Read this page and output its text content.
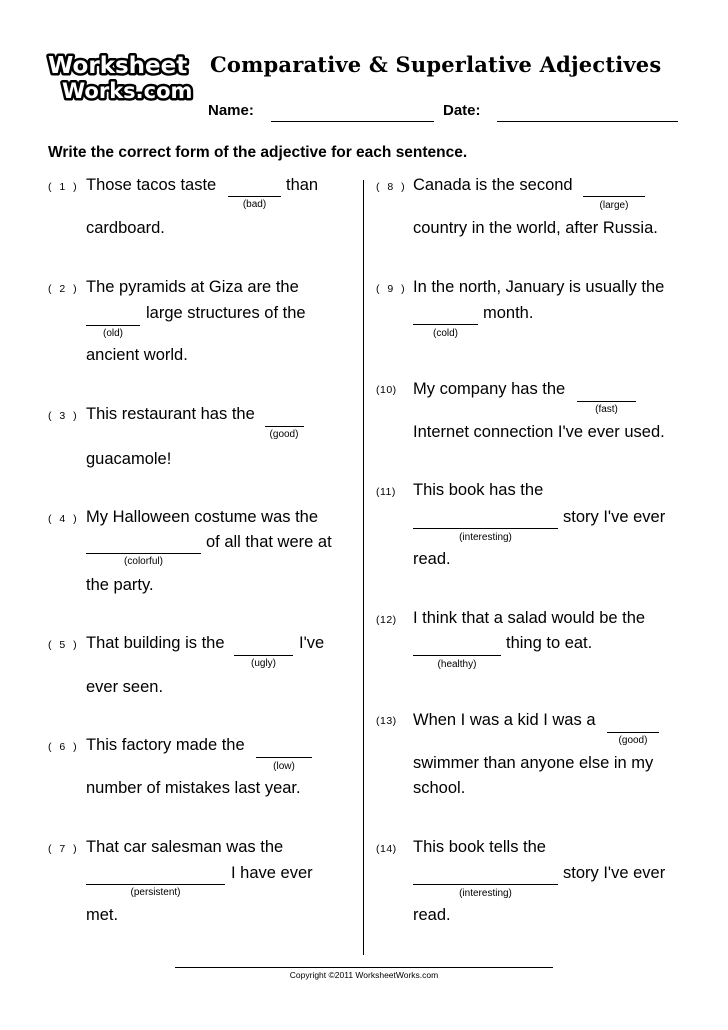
Worksheet
Works.com
Comparative & Superlative Adjectives
Name:	Date:
Write the correct form of the adjective for each sentence.
( 1 ) Those tacos taste	than
(bad)
cardboard.
( 2 ) The pyramids at Giza are the
large structures of the
(old)
ancient world.
( 3 ) This restaurant has the
(good)
guacamole!
( 4 ) My Halloween costume was the
of all that were at
(colorful)
the party.
( 5 ) That building is the	I've
(ugly)
ever seen.
( 6 ) This factory made the
(low)
number of mistakes last year.
( 7 ) That car salesman was the
I have ever
(persistent)
met.
( 8 ) Canada is the second
(large)
country in the world, after Russia.
( 9 ) In the north, January is usually the
month.
(cold)
(10) My company has the
(fast)
Internet connection I've ever used.
(11) This book has the
story I've ever
(interesting)
read.
(12) I think that a salad would be the
thing to eat.
(healthy)
(13) When I was a kid I was a
(good)
swimmer than anyone else in my
school.
(14) This book tells the
story I've ever
(interesting)
read.
Copyright ©2011 WorksheetWorks.com
